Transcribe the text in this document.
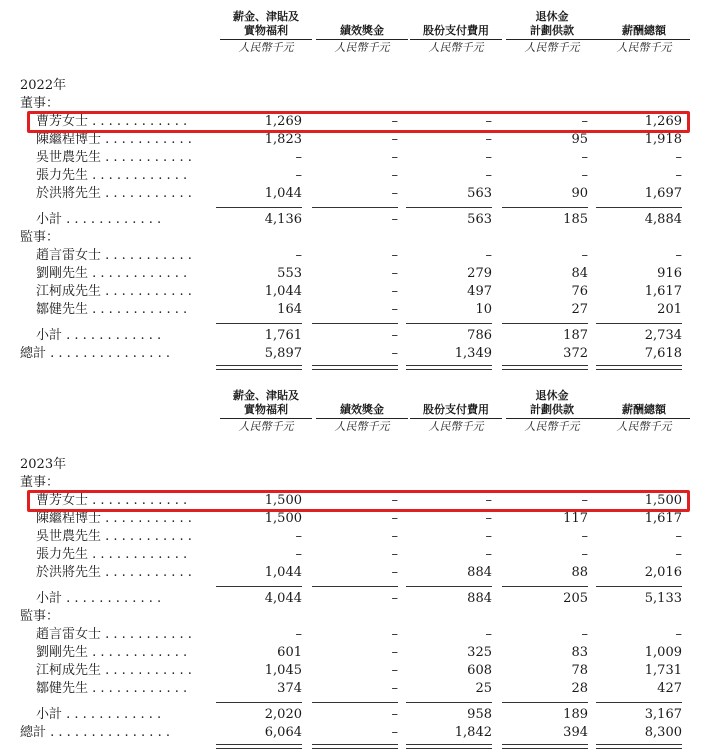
薪金、津貼及
實物福利
人民幣千元
績效獎金
人民幣千元
股份支付費用
人民幣千元
退休金
計劃供款
人民幣千元
薪酬總額
人民幣千元
2022年
董事：
曹芳女士 . . . . . . . . . . . .	1,269	–	–	–	1,269
陳繼程博士 . . . . . . . . . . .	1,823	–	–	95	1,918
吳世農先生 . . . . . . . . . . .	–	–	–	–	–
張力先生 . . . . . . . . . . . .	–	–	–	–	–
於洪將先生 . . . . . . . . . . .	1,044	–	563	90	1,697
小計 . . . . . . . . . . . .	4,136	–	563	185	4,884
監事：
趙言雷女士 . . . . . . . . . . .	–	–	–	–	–
劉剛先生 . . . . . . . . . . . .	553	–	279	84	916
江柯成先生 . . . . . . . . . . .	1,044	–	497	76	1,617
鄒健先生 . . . . . . . . . . . .	164	–	10	27	201
小計 . . . . . . . . . . . .	1,761	–	786	187	2,734
總計 . . . . . . . . . . . . . . .	5,897	–	1,349	372	7,618
薪金、津貼及
實物福利
人民幣千元
績效獎金
人民幣千元
股份支付費用
人民幣千元
退休金
計劃供款
人民幣千元
薪酬總額
人民幣千元
2023年
董事：
曹芳女士 . . . . . . . . . . . .	1,500	–	–	–	1,500
陳繼程博士 . . . . . . . . . . .	1,500	–	–	117	1,617
吳世農先生 . . . . . . . . . . .	–	–	–	–	–
張力先生 . . . . . . . . . . . .	–	–	–	–	–
於洪將先生 . . . . . . . . . . .	1,044	–	884	88	2,016
小計 . . . . . . . . . . . .	4,044	–	884	205	5,133
監事：
趙言雷女士 . . . . . . . . . . .	–	–	–	–	–
劉剛先生 . . . . . . . . . . . .	601	–	325	83	1,009
江柯成先生 . . . . . . . . . . .	1,045	–	608	78	1,731
鄒健先生 . . . . . . . . . . . .	374	–	25	28	427
小計 . . . . . . . . . . . .	2,020	–	958	189	3,167
總計 . . . . . . . . . . . . . . .	6,064	–	1,842	394	8,300
